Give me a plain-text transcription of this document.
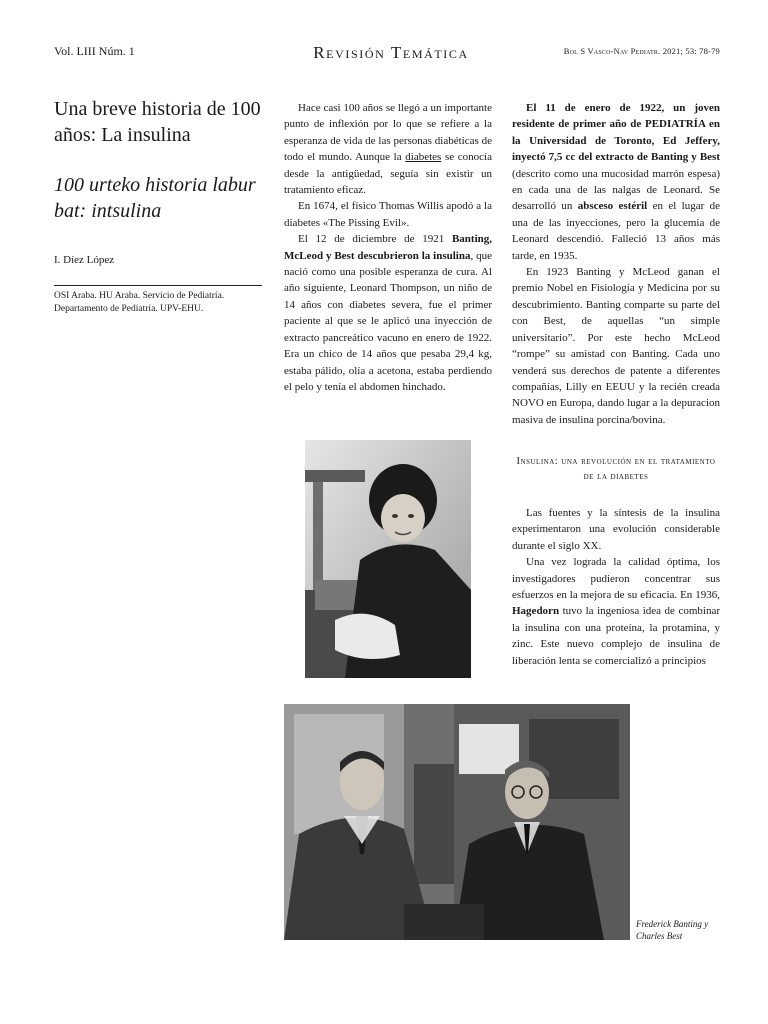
Vol. LIII Núm. 1	Revisión Temática	Bol S Vasco-Nav Pediatr. 2021; 53: 78-79
Una breve historia de 100 años: La insulina
100 urteko historia labur bat: intsulina
I. Díez López
OSI Araba. HU Araba. Servicio de Pediatría.
Departamento de Pediatría. UPV-EHU.

Hace casi 100 años se llegó a un importante punto de inflexión por lo que se refiere a la esperanza de vida de las personas diabéticas de todo el mundo. Aunque la diabetes se conocía desde la antigüedad, seguía sin existir un tratamiento eficaz.

En 1674, el físico Thomas Willis apodó a la diabetes «The Pissing Evil».

El 12 de diciembre de 1921 Banting, McLeod y Best descubrieron la insulina, que nació como una posible esperanza de cura. Al año siguiente, Leonard Thompson, un niño de 14 años con diabetes severa, fue el primer paciente al que se le aplicó una inyección de extracto pancreático vacuno en enero de 1922. Era un chico de 14 años que pesaba 29,4 kg, estaba pálido, olía a acetona, estaba perdiendo el pelo y tenía el abdomen hinchado.

El 11 de enero de 1922, un joven residente de primer año de PEDIATRÍA en la Universidad de Toronto, Ed Jeffery, inyectó 7,5 cc del extracto de Banting y Best (descrito como una mucosidad marrón espesa) en cada una de las nalgas de Leonard. Se desarrolló un absceso estéril en el lugar de una de las inyecciones, pero la glucemia de Leonard descendió. Falleció 13 años más tarde, en 1935.

En 1923 Banting y McLeod ganan el premio Nobel en Fisiología y Medicina por su descubrimiento. Banting comparte su parte del con Best, de aquellas “un simple universitario”. Por este hecho McLeod “rompe” su amistad con Banting. Cada uno venderá sus derechos de patente a diferentes compañías, Lilly en EEUU y la recién creada NOVO en Europa, dando lugar a la depuracion masiva de insulina porcina/bovina.

Insulina: una revolución en el tratamiento de la diabetes

Las fuentes y la síntesis de la insulina experimentaron una evolución considerable durante el siglo XX.

Una vez lograda la calidad óptima, los investigadores pudieron concentrar sus esfuerzos en la mejora de su eficacia. En 1936, Hagedorn tuvo la ingeniosa idea de combinar la insulina con una proteína, la protamina, y zinc. Este nuevo complejo de insulina de liberación lenta se comercializó a principios

Frederick Banting y Charles Best
